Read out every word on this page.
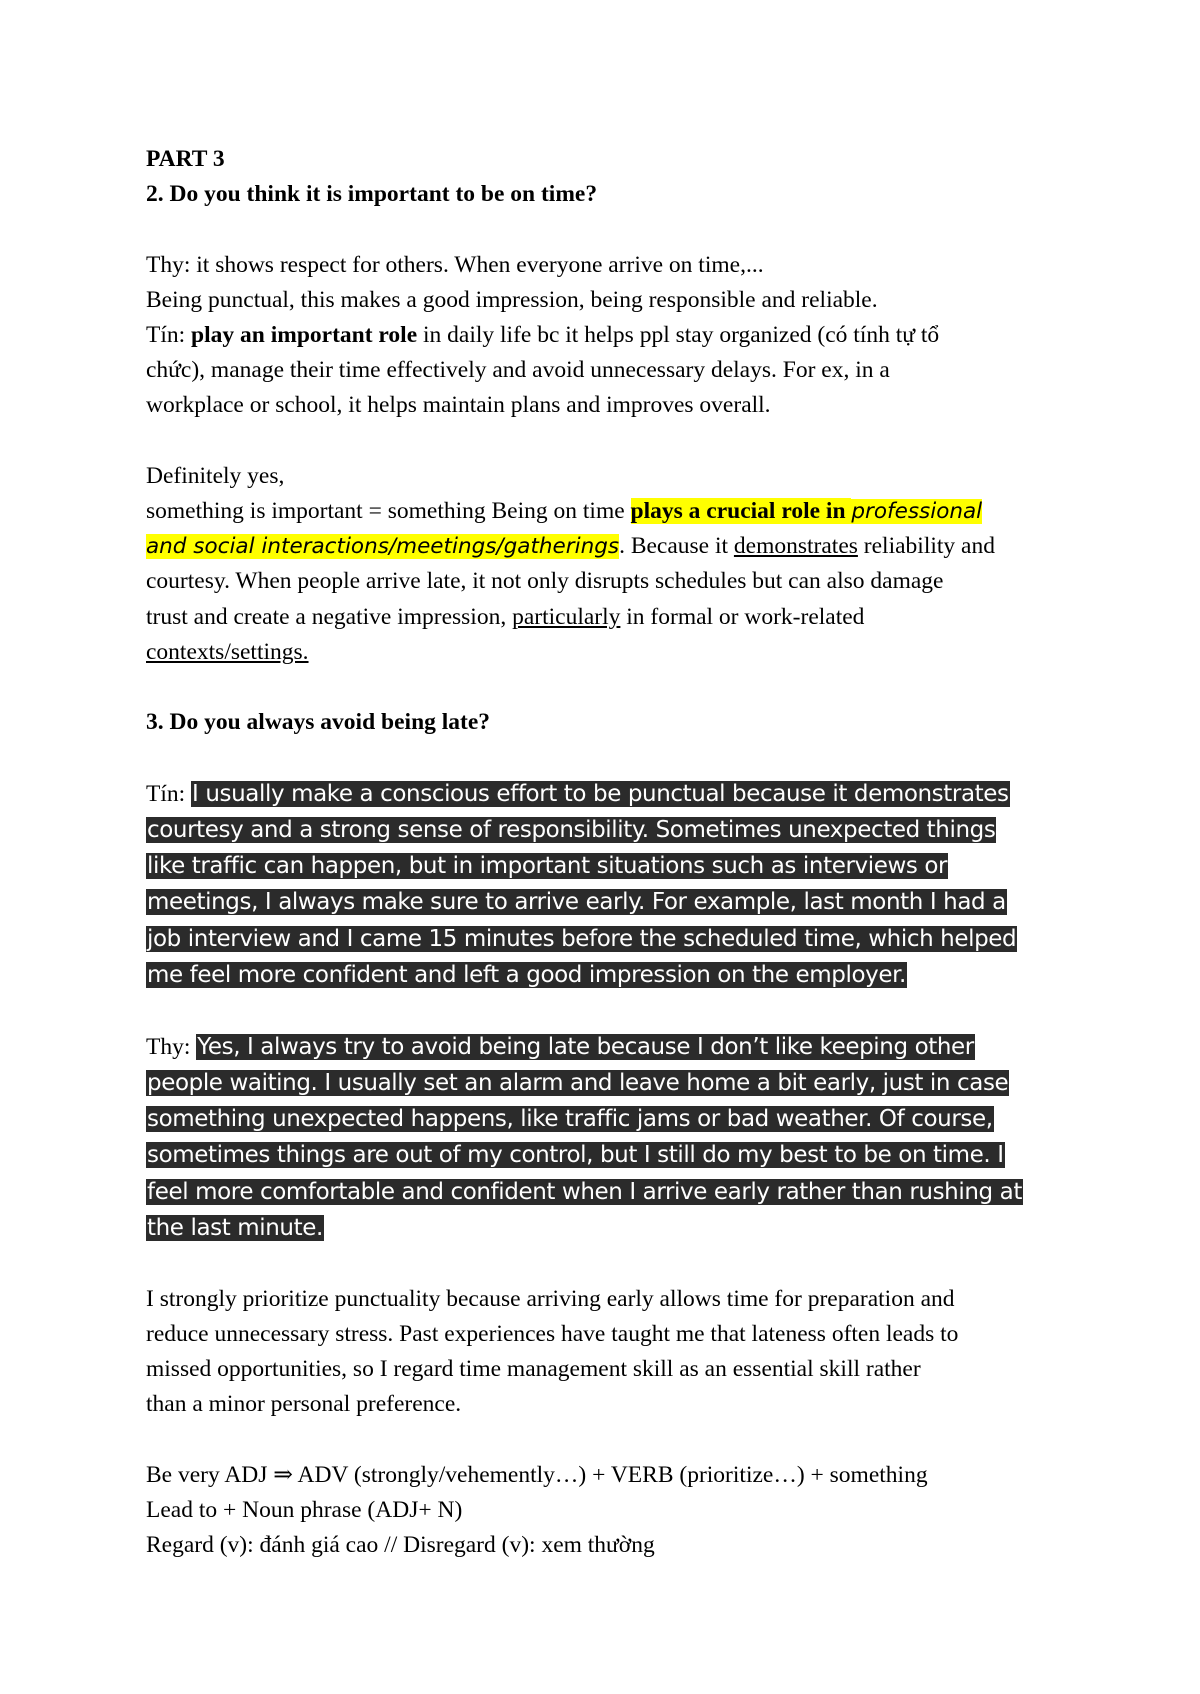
PART 3
2. Do you think it is important to be on time?
Thy: it shows respect for others. When everyone arrive on time,...
Being punctual, this makes a good impression, being responsible and reliable.
Tín: play an important role in daily life bc it helps ppl stay organized (có tính tự tổ
chức), manage their time effectively and avoid unnecessary delays. For ex, in a
workplace or school, it helps maintain plans and improves overall.
Definitely yes,
something is important = something Being on time plays a crucial role in professional
and social interactions/meetings/gatherings. Because it demonstrates reliability and
courtesy. When people arrive late, it not only disrupts schedules but can also damage
trust and create a negative impression, particularly in formal or work-related
contexts/settings.
3. Do you always avoid being late?
Tín: I usually make a conscious effort to be punctual because it demonstrates
courtesy and a strong sense of responsibility. Sometimes unexpected things
like traffic can happen, but in important situations such as interviews or
meetings, I always make sure to arrive early. For example, last month I had a
job interview and I came 15 minutes before the scheduled time, which helped
me feel more confident and left a good impression on the employer.
Thy: Yes, I always try to avoid being late because I don’t like keeping other
people waiting. I usually set an alarm and leave home a bit early, just in case
something unexpected happens, like traffic jams or bad weather. Of course,
sometimes things are out of my control, but I still do my best to be on time. I
feel more comfortable and confident when I arrive early rather than rushing at
the last minute.
I strongly prioritize punctuality because arriving early allows time for preparation and
reduce unnecessary stress. Past experiences have taught me that lateness often leads to
missed opportunities, so I regard time management skill as an essential skill rather
than a minor personal preference.
Be very ADJ ⇒ ADV (strongly/vehemently…) + VERB (prioritize…) + something
Lead to + Noun phrase (ADJ+ N)
Regard (v): đánh giá cao // Disregard (v): xem thường
